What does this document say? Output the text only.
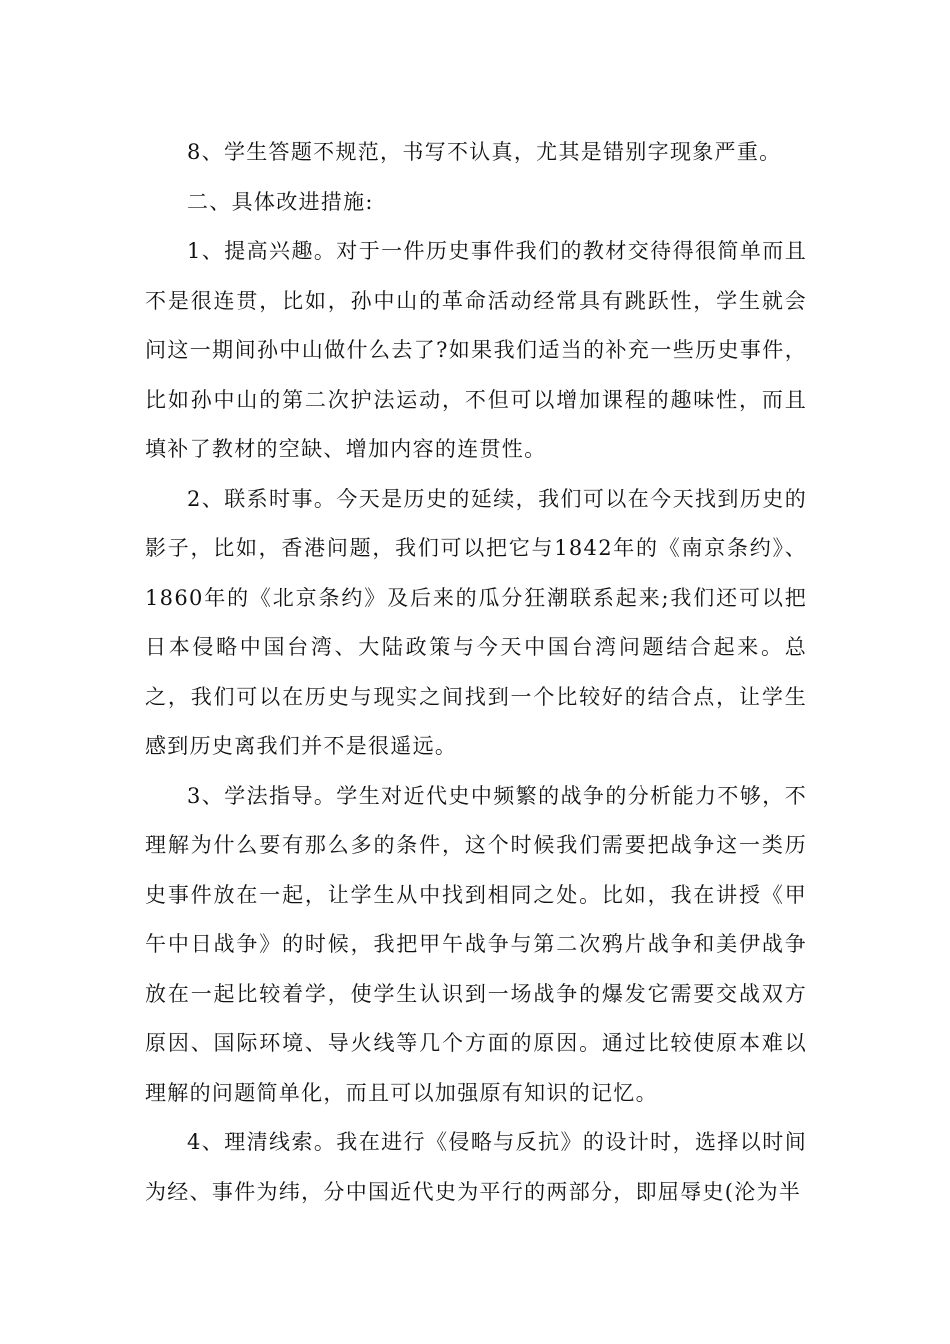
8、学生答题不规范，书写不认真，尤其是错别字现象严重。

二、具体改进措施:

1、提高兴趣。对于一件历史事件我们的教材交待得很简单而且不是很连贯，比如，孙中山的革命活动经常具有跳跃性，学生就会问这一期间孙中山做什么去了?如果我们适当的补充一些历史事件，比如孙中山的第二次护法运动，不但可以增加课程的趣味性，而且填补了教材的空缺、增加内容的连贯性。

2、联系时事。今天是历史的延续，我们可以在今天找到历史的影子，比如，香港问题，我们可以把它与1842年的《南京条约》、1860年的《北京条约》及后来的瓜分狂潮联系起来;我们还可以把日本侵略中国台湾、大陆政策与今天中国台湾问题结合起来。总之，我们可以在历史与现实之间找到一个比较好的结合点，让学生感到历史离我们并不是很遥远。

3、学法指导。学生对近代史中频繁的战争的分析能力不够，不理解为什么要有那么多的条件，这个时候我们需要把战争这一类历史事件放在一起，让学生从中找到相同之处。比如，我在讲授《甲午中日战争》的时候，我把甲午战争与第二次鸦片战争和美伊战争放在一起比较着学，使学生认识到一场战争的爆发它需要交战双方原因、国际环境、导火线等几个方面的原因。通过比较使原本难以理解的问题简单化，而且可以加强原有知识的记忆。

4、理清线索。我在进行《侵略与反抗》的设计时，选择以时间为经、事件为纬，分中国近代史为平行的两部分，即屈辱史(沦为半
